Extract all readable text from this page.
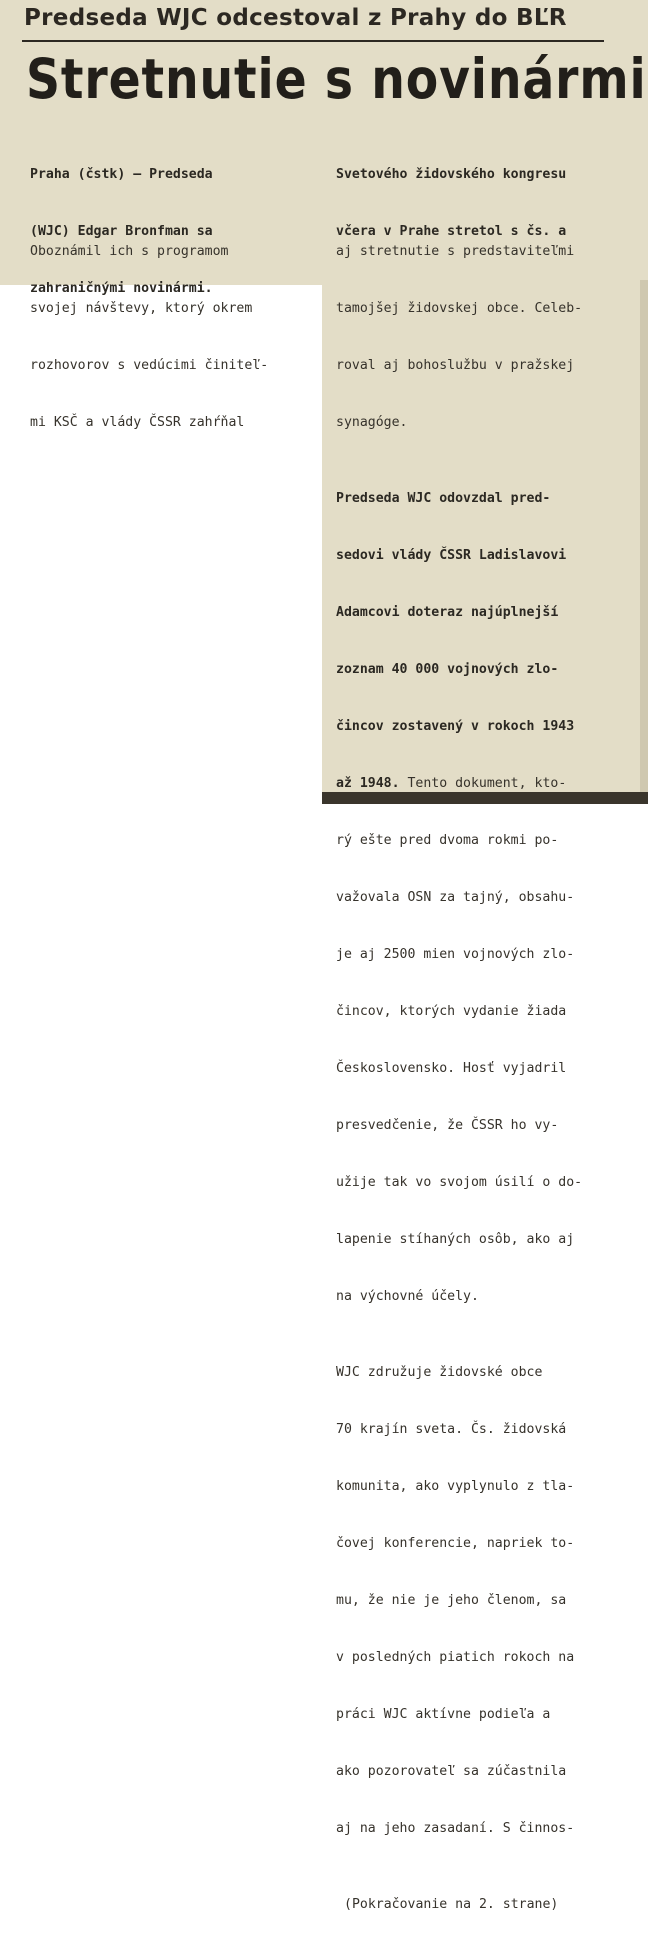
Predseda WJC odcestoval z Prahy do BĽR
Stretnutie s novinármi

Praha (čstk) — Predseda

(WJC) Edgar Bronfman sa

zahraničnými novinármi.

Svetového židovského kongresu

včera v Prahe stretol s čs. a

Oboznámil ich s programom

svojej návštevy, ktorý okrem

rozhovorov s vedúcimi činiteľ-

mi KSČ a vlády ČSSR zahŕňal

aj stretnutie s predstaviteľmi

tamojšej židovskej obce. Celeb-

roval aj bohoslužbu v pražskej

synagóge.

Predseda WJC odovzdal pred-

sedovi vlády ČSSR Ladislavovi

Adamcovi doteraz najúplnejší

zoznam 40 000 vojnových zlo-

čincov zostavený v rokoch 1943

až 1948. Tento dokument, kto-

rý ešte pred dvoma rokmi po-

važovala OSN za tajný, obsahu-

je aj 2500 mien vojnových zlo-

čincov, ktorých vydanie žiada

Československo. Hosť vyjadril

presvedčenie, že ČSSR ho vy-

užije tak vo svojom úsilí o do-

lapenie stíhaných osôb, ako aj

na výchovné účely.

WJC združuje židovské obce

70 krajín sveta. Čs. židovská

komunita, ako vyplynulo z tla-

čovej konferencie, napriek to-

mu, že nie je jeho členom, sa

v posledných piatich rokoch na

práci WJC aktívne podieľa a

ako pozorovateľ sa zúčastnila

aj na jeho zasadaní. S činnos-

(Pokračovanie na 2. strane)
